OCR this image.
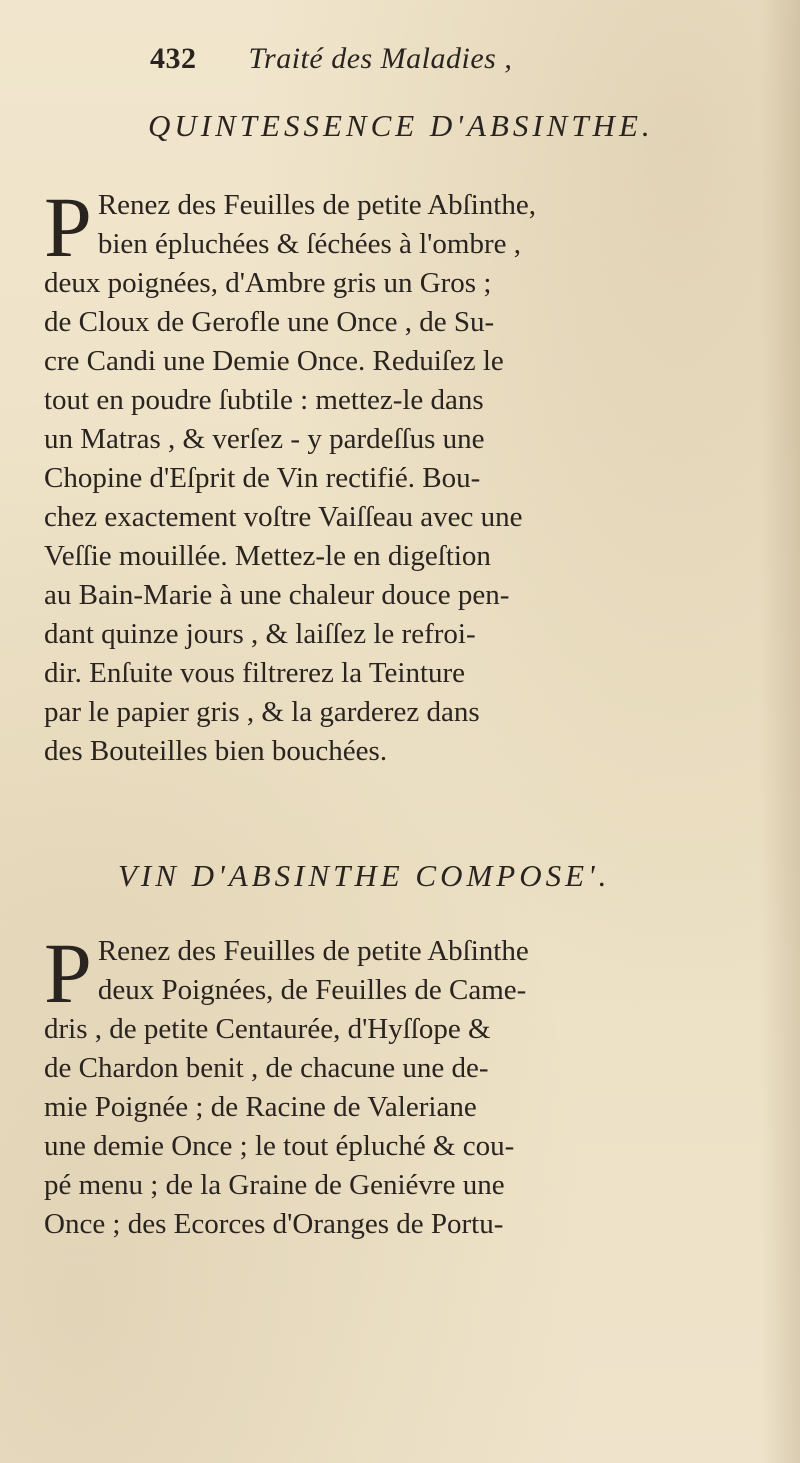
432 Traité des Maladies ,
QUINTESSENCE D'ABSINTHE.
P Renez des Feuilles de petite Abſinthe,
bien épluchées & ſéchées à l'ombre ,
deux poignées, d'Ambre gris un Gros ;
de Cloux de Gerofle une Once , de Su-
cre Candi une Demie Once. Reduiſez le
tout en poudre ſubtile : mettez-le dans
un Matras , & verſez - y pardeſſus une
Chopine d'Eſprit de Vin rectifié. Bou-
chez exactement voſtre Vaiſſeau avec une
Veſſie mouillée. Mettez-le en digeſtion
au Bain-Marie à une chaleur douce pen-
dant quinze jours , & laiſſez le refroi-
dir. Enſuite vous filtrerez la Teinture
par le papier gris , & la garderez dans
des Bouteilles bien bouchées.
VIN D'ABSINTHE COMPOSE'.
P Renez des Feuilles de petite Abſinthe
deux Poignées, de Feuilles de Came-
dris , de petite Centaurée, d'Hyſſope &
de Chardon benit , de chacune une de-
mie Poignée ; de Racine de Valeriane
une demie Once ; le tout épluché & cou-
pé menu ; de la Graine de Geniévre une
Once ; des Ecorces d'Oranges de Portu-
